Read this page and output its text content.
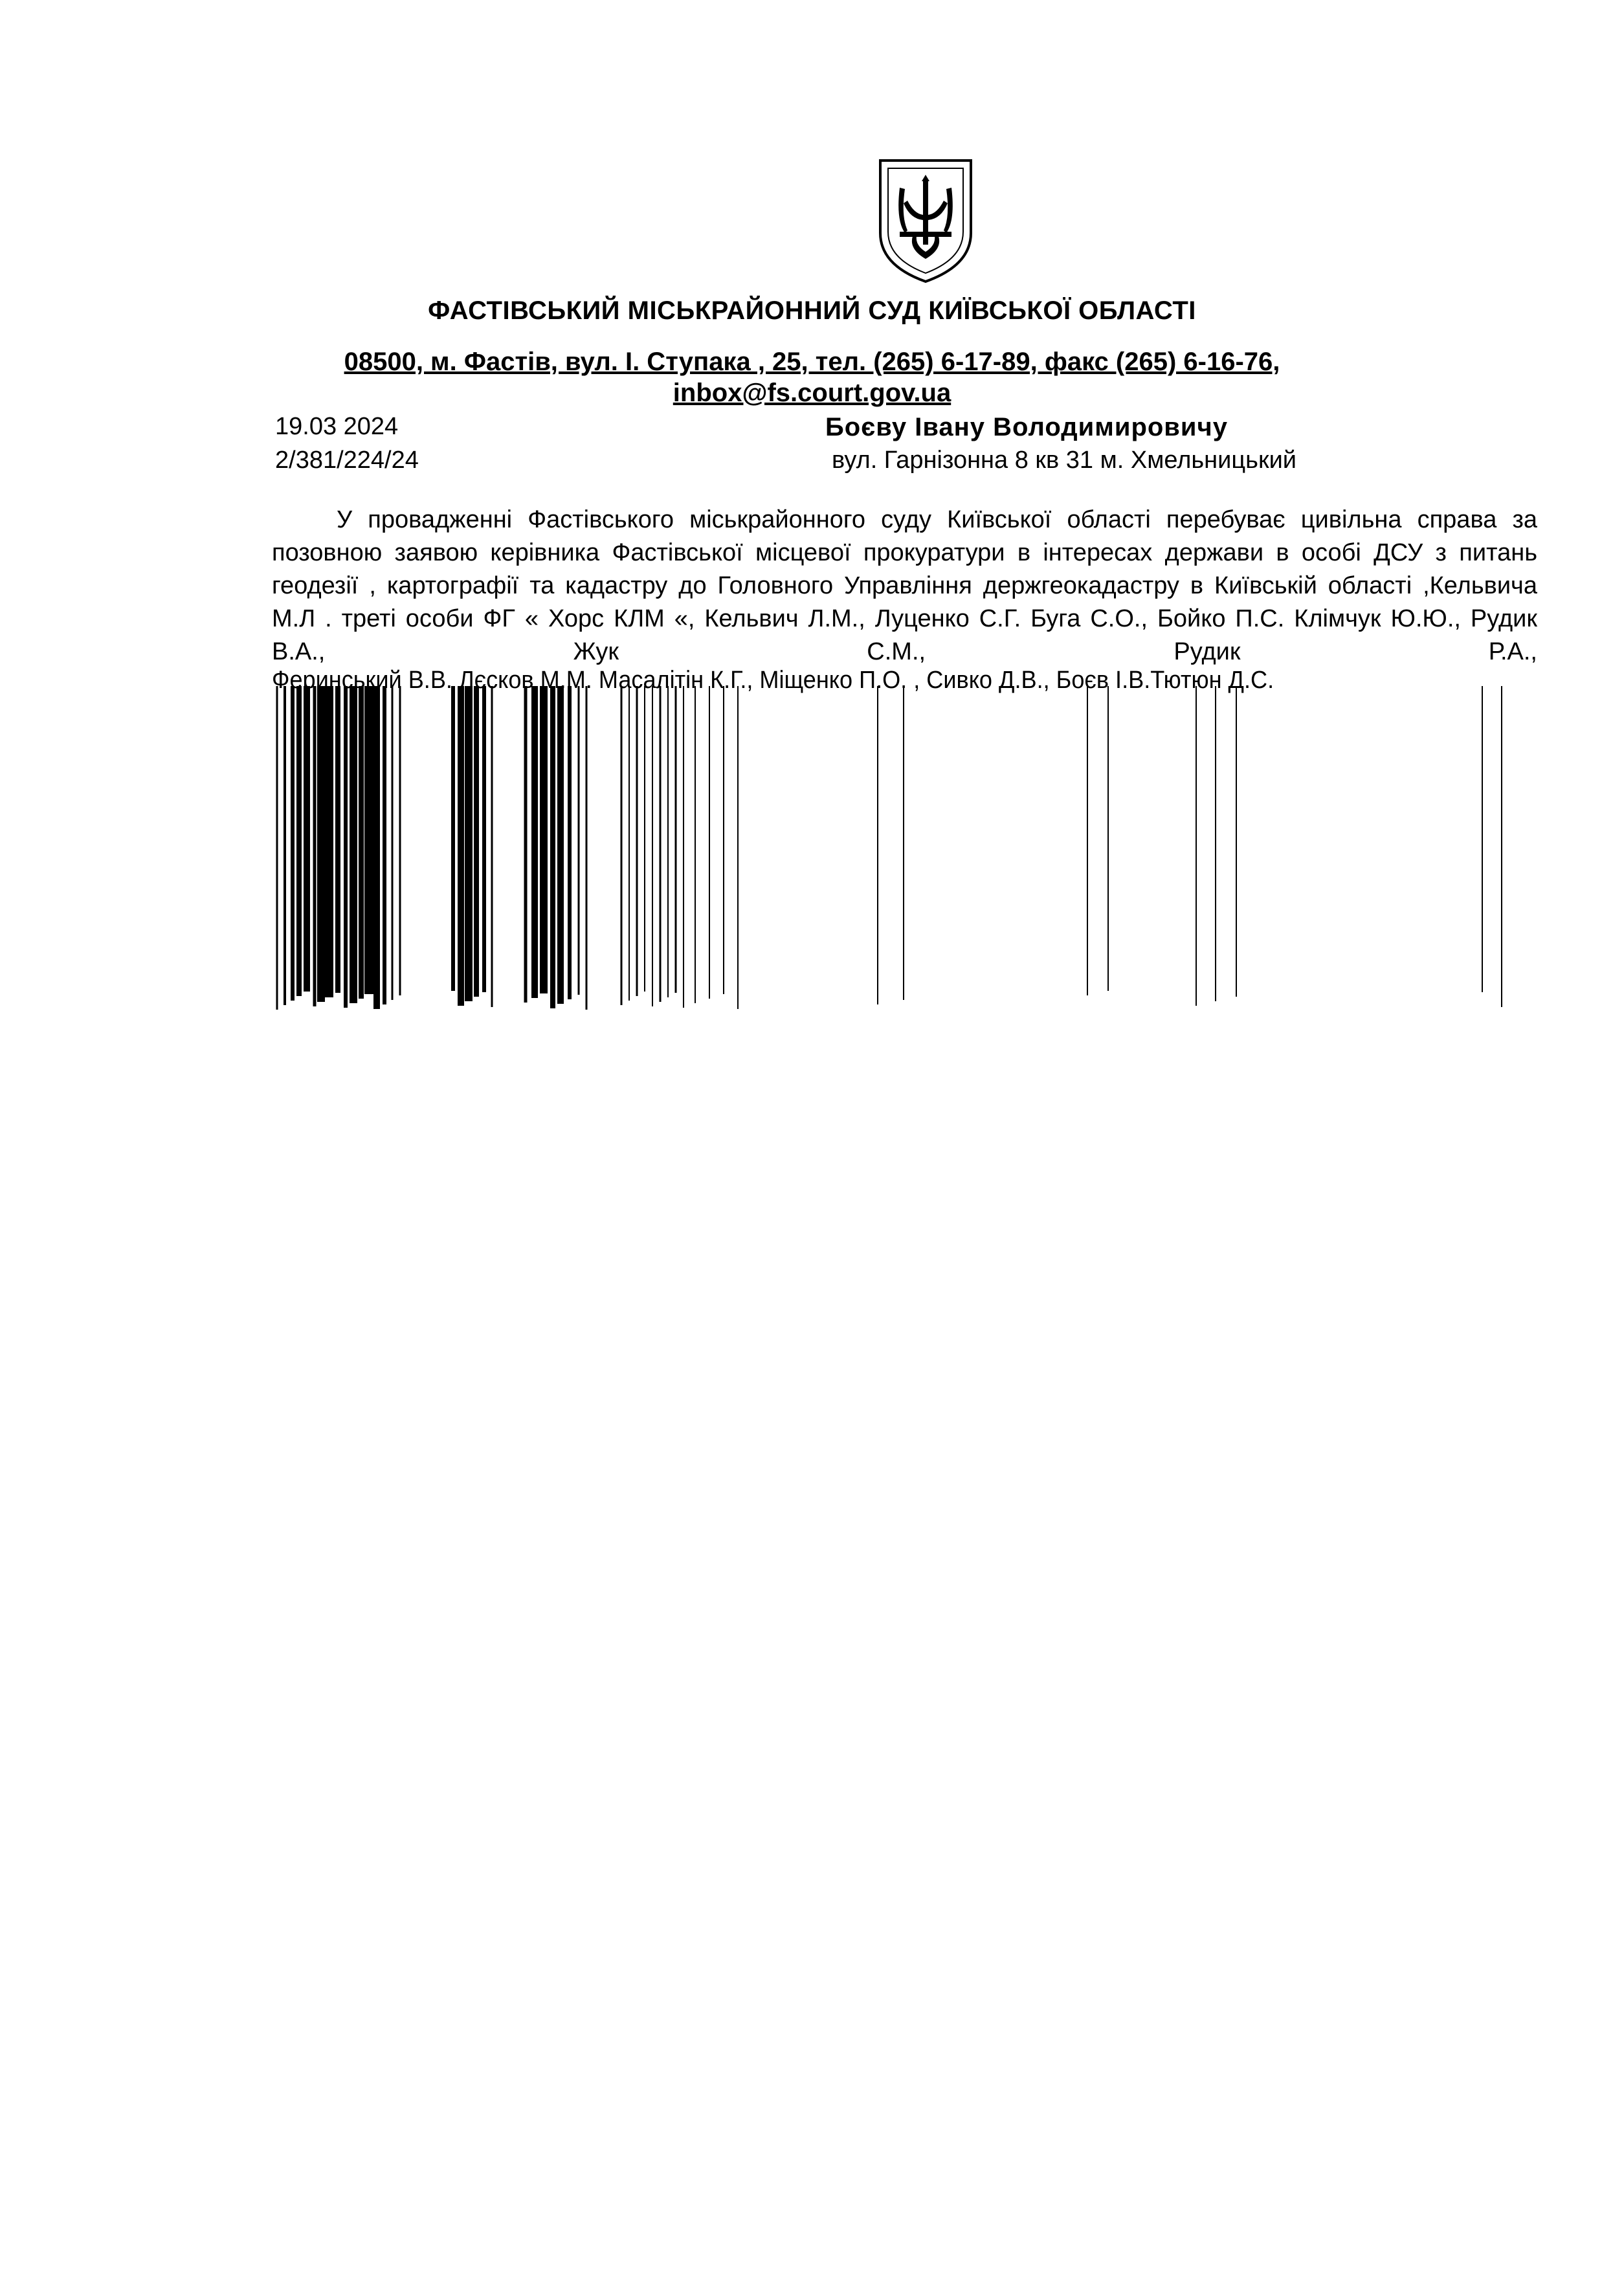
ФАСТІВСЬКИЙ МІСЬКРАЙОННИЙ СУД КИЇВСЬКОЇ ОБЛАСТІ
08500, м. Фастів, вул. І. Ступака , 25, тел. (265) 6-17-89, факс (265) 6-16-76,
inbox@fs.court.gov.ua
19.03 2024
2/381/224/24
Боєву Івану Володимировичу
вул. Гарнізонна 8 кв 31 м. Хмельницький

У провадженні Фастівського міськрайонного суду Київської області перебуває цивільна справа за позовною заявою керівника Фастівської місцевої прокуратури в інтересах держави в особі ДСУ з питань геодезії , картографії та кадастру до Головного Управління держгеокадастру в Київській області ,Кельвича М.Л . треті особи ФГ « Хорс КЛМ «, Кельвич Л.М., Луценко С.Г. Буга С.О., Бойко П.С. Клімчук Ю.Ю., Рудик В.А., Жук С.М., Рудик Р.А.,

Феринський В.В. Лєсков М.М. Масалітін К.Г., Міщенко П.О. , Сивко Д.В., Боєв І.В.Тютюн Д.С.
